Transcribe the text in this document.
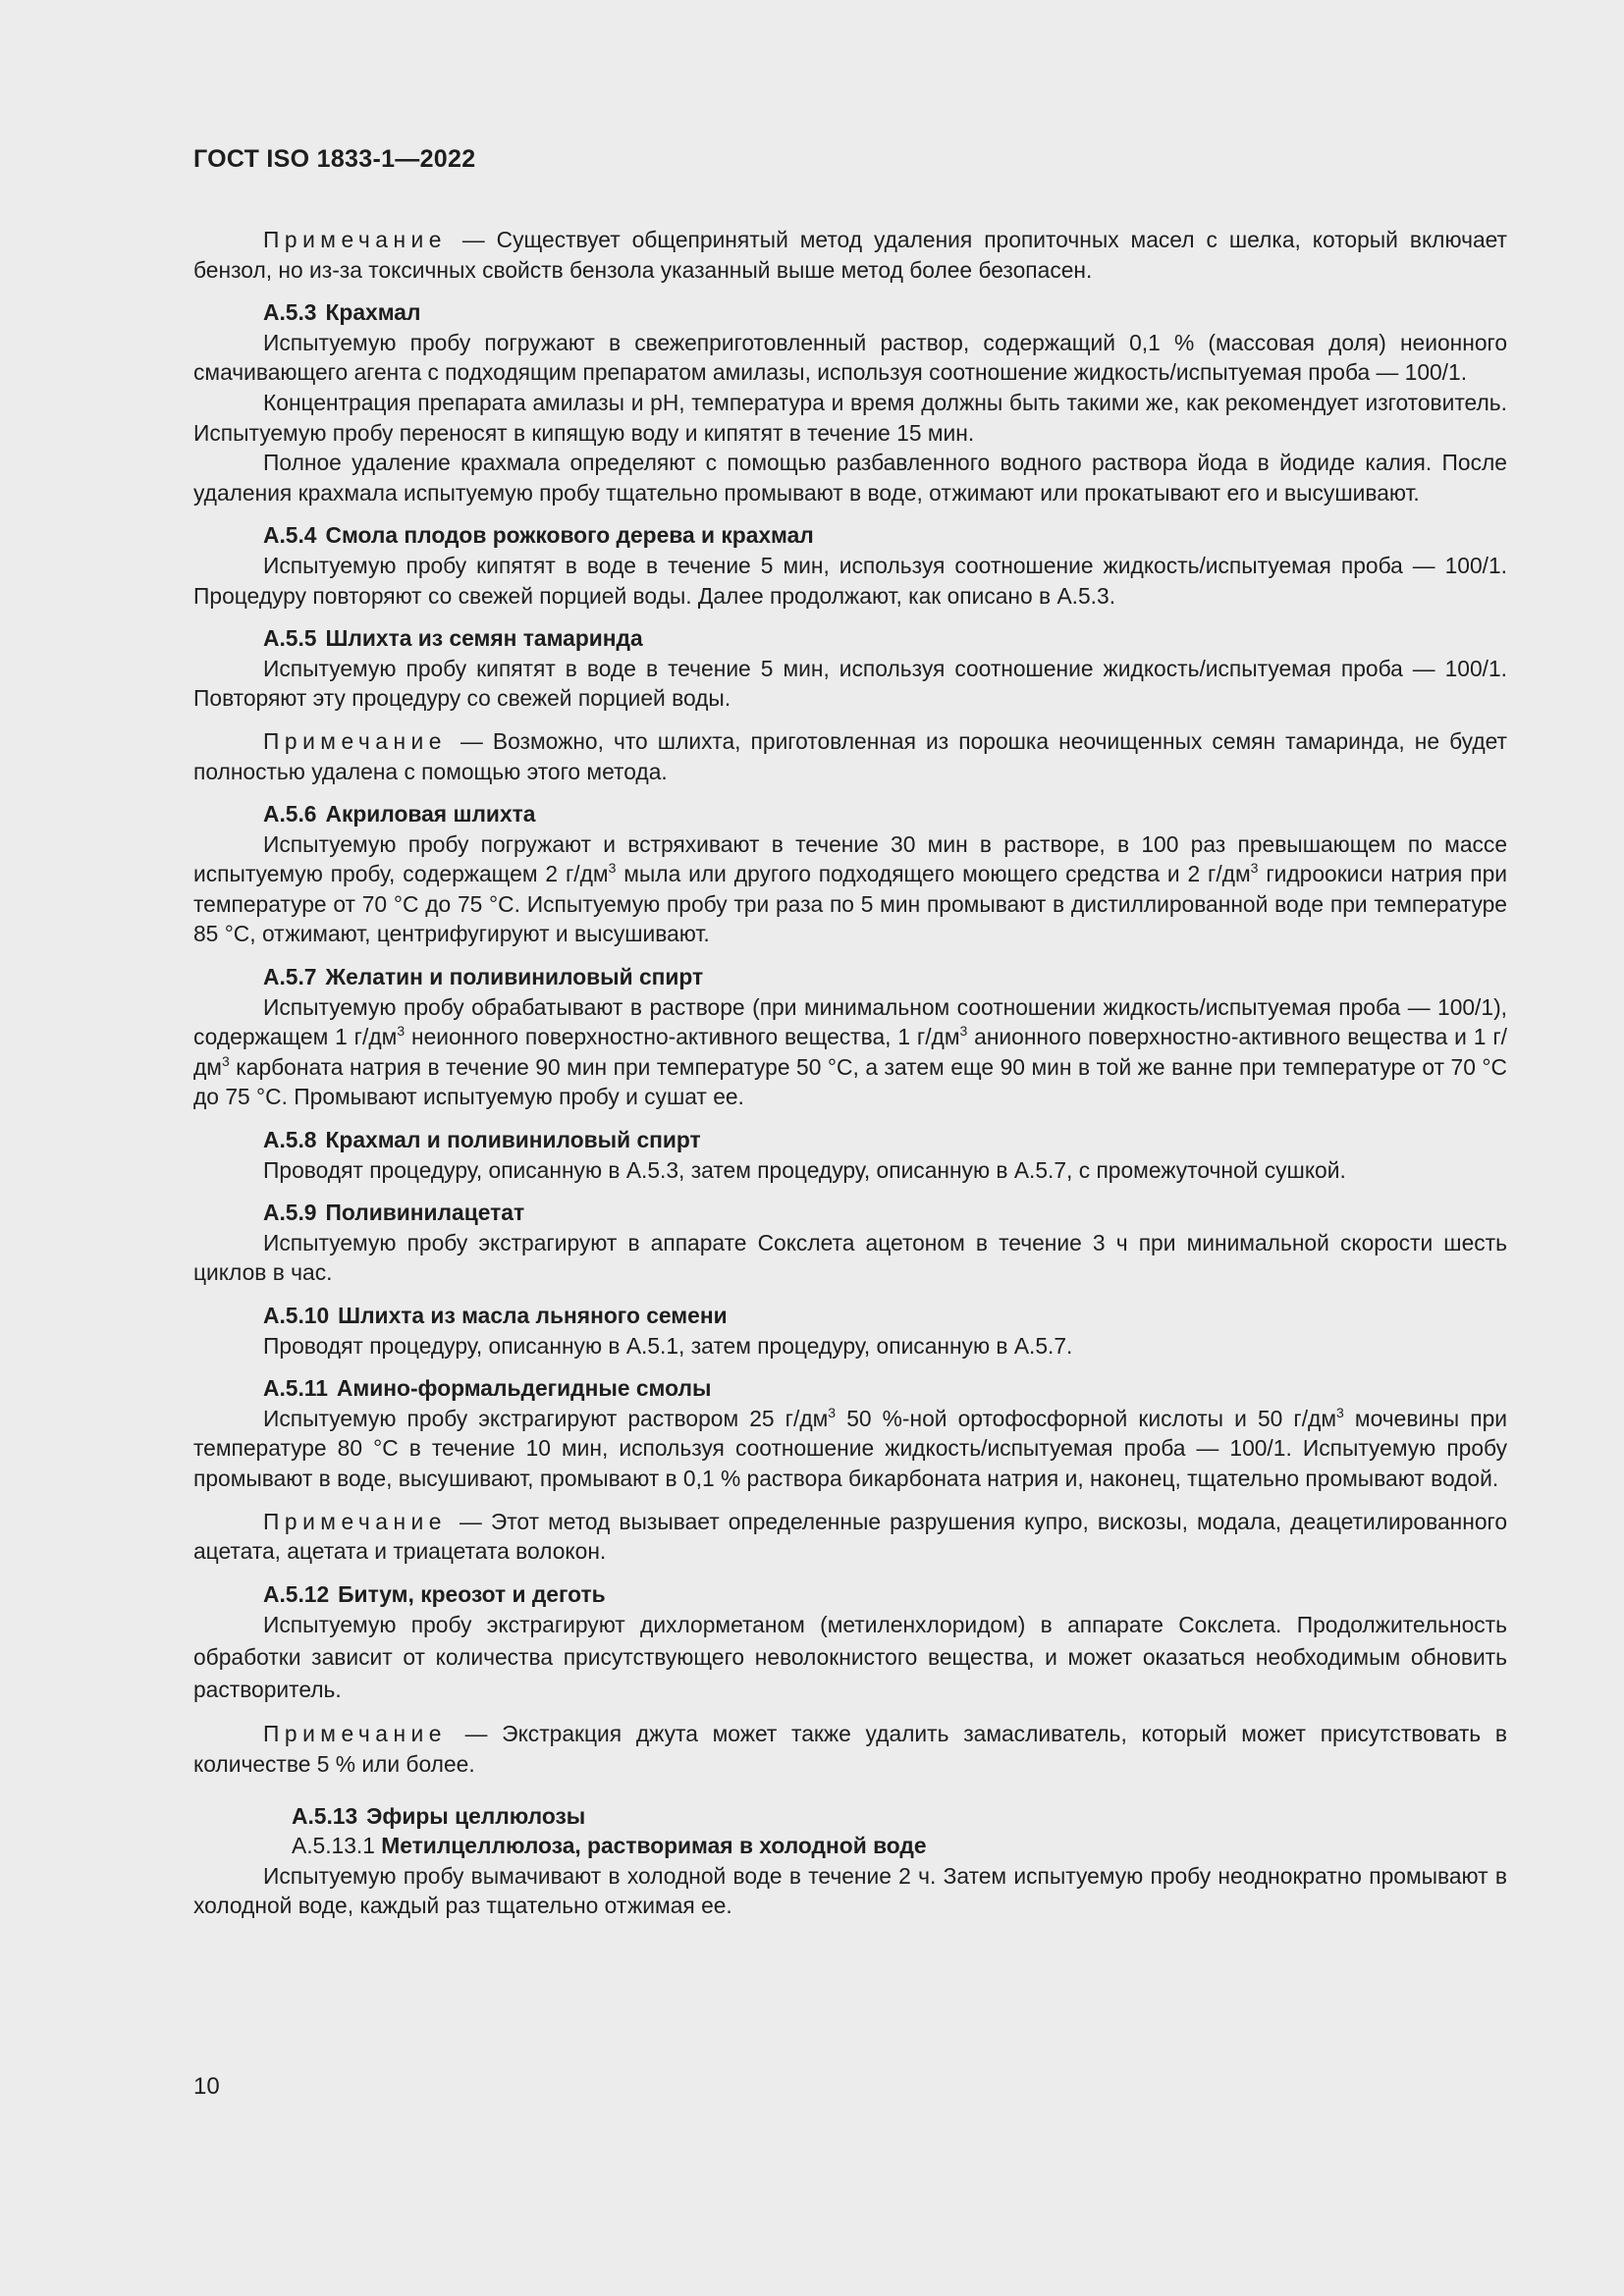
ГОСТ ISO 1833-1—2022

Примечание — Существует общепринятый метод удаления пропиточных масел с шелка, который включает бензол, но из-за токсичных свойств бензола указанный выше метод более безопасен.

А.5.3 Крахмал

Испытуемую пробу погружают в свежеприготовленный раствор, содержащий 0,1 % (массовая доля) неионного смачивающего агента с подходящим препаратом амилазы, используя соотношение жидкость/испытуемая проба — 100/1.

Концентрация препарата амилазы и pH, температура и время должны быть такими же, как рекомендует изготовитель. Испытуемую пробу переносят в кипящую воду и кипятят в течение 15 мин.

Полное удаление крахмала определяют с помощью разбавленного водного раствора йода в йодиде калия. После удаления крахмала испытуемую пробу тщательно промывают в воде, отжимают или прокатывают его и высушивают.

А.5.4 Смола плодов рожкового дерева и крахмал

Испытуемую пробу кипятят в воде в течение 5 мин, используя соотношение жидкость/испытуемая проба — 100/1. Процедуру повторяют со свежей порцией воды. Далее продолжают, как описано в А.5.3.

А.5.5 Шлихта из семян тамаринда

Испытуемую пробу кипятят в воде в течение 5 мин, используя соотношение жидкость/испытуемая проба — 100/1. Повторяют эту процедуру со свежей порцией воды.

Примечание — Возможно, что шлихта, приготовленная из порошка неочищенных семян тамаринда, не будет полностью удалена с помощью этого метода.

А.5.6 Акриловая шлихта

Испытуемую пробу погружают и встряхивают в течение 30 мин в растворе, в 100 раз превышающем по массе испытуемую пробу, содержащем 2 $г/дм^3$ мыла или другого подходящего моющего средства и 2 $г/дм^3$ гидроокиси натрия при температуре от 70 °С до 75 °С. Испытуемую пробу три раза по 5 мин промывают в дистиллированной воде при температуре 85 °С, отжимают, центрифугируют и высушивают.

А.5.7 Желатин и поливиниловый спирт

Испытуемую пробу обрабатывают в растворе (при минимальном соотношении жидкость/испытуемая проба — 100/1), содержащем 1 $г/дм^3$ неионного поверхностно-активного вещества, 1 $г/дм^3$ анионного поверхностно-активного вещества и 1 $г/дм^3$ карбоната натрия в течение 90 мин при температуре 50 °С, а затем еще 90 мин в той же ванне при температуре от 70 °С до 75 °С. Промывают испытуемую пробу и сушат ее.

А.5.8 Крахмал и поливиниловый спирт

Проводят процедуру, описанную в А.5.3, затем процедуру, описанную в А.5.7, с промежуточной сушкой.

А.5.9 Поливинилацетат

Испытуемую пробу экстрагируют в аппарате Сокслета ацетоном в течение 3 ч при минимальной скорости шесть циклов в час.

А.5.10 Шлихта из масла льняного семени

Проводят процедуру, описанную в А.5.1, затем процедуру, описанную в А.5.7.

А.5.11 Амино-формальдегидные смолы

Испытуемую пробу экстрагируют раствором 25 $г/дм^3$ 50 %-ной ортофосфорной кислоты и 50 $г/дм^3$ мочевины при температуре 80 °С в течение 10 мин, используя соотношение жидкость/испытуемая проба — 100/1. Испытуемую пробу промывают в воде, высушивают, промывают в 0,1 % раствора бикарбоната натрия и, наконец, тщательно промывают водой.

Примечание — Этот метод вызывает определенные разрушения купро, вискозы, модала, деацетилированного ацетата, ацетата и триацетата волокон.

А.5.12 Битум, креозот и деготь

Испытуемую пробу экстрагируют дихлорметаном (метиленхлоридом) в аппарате Сокслета. Продолжительность обработки зависит от количества присутствующего неволокнистого вещества, и может оказаться необходимым обновить растворитель.

Примечание — Экстракция джута может также удалить замасливатель, который может присутствовать в количестве 5 % или более.

А.5.13 Эфиры целлюлозы
А.5.13.1 Метилцеллюлоза, растворимая в холодной воде

Испытуемую пробу вымачивают в холодной воде в течение 2 ч. Затем испытуемую пробу неоднократно промывают в холодной воде, каждый раз тщательно отжимая ее.

10
